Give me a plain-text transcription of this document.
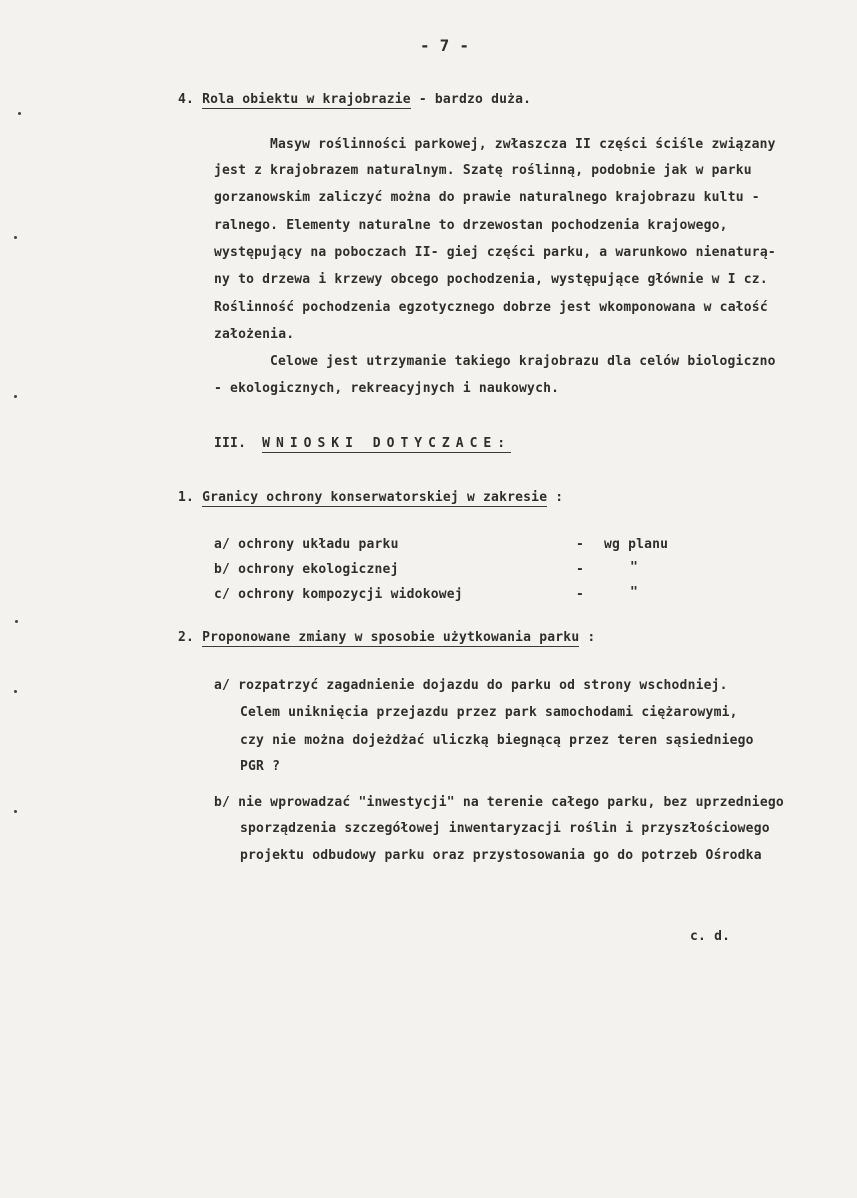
- 7 -
4. Rola obiektu w krajobrazie - bardzo duża.
Masyw roślinności parkowej, zwłaszcza II części ściśle związany
jest z krajobrazem naturalnym. Szatę roślinną, podobnie jak w parku
gorzanowskim zaliczyć można do prawie naturalnego krajobrazu kultu -
ralnego. Elementy naturalne to drzewostan pochodzenia krajowego,
występujący na poboczach II- giej części parku, a warunkowo nienaturą-
ny to drzewa i krzewy obcego pochodzenia, występujące głównie w I cz.
Roślinność pochodzenia egzotycznego dobrze jest wkomponowana w całość
założenia.
Celowe jest utrzymanie takiego krajobrazu dla celów biologiczno
- ekologicznych, rekreacyjnych i naukowych.
III. WNIOSKI DOTYCZACE:
1. Granicy ochrony konserwatorskiej w zakresie :
a/ ochrony układu parku	- wg planu
b/ ochrony ekologicznej	-	"
c/ ochrony kompozycji widokowej	-	"
2. Proponowane zmiany w sposobie użytkowania parku :
a/ rozpatrzyć zagadnienie dojazdu do parku od strony wschodniej.
Celem uniknięcia przejazdu przez park samochodami ciężarowymi,
czy nie można dojeżdżać uliczką biegnącą przez teren sąsiedniego
PGR ?
b/ nie wprowadzać "inwestycji" na terenie całego parku, bez uprzedniego
sporządzenia szczegółowej inwentaryzacji roślin i przyszłościowego
projektu odbudowy parku oraz przystosowania go do potrzeb Ośrodka
c. d.
